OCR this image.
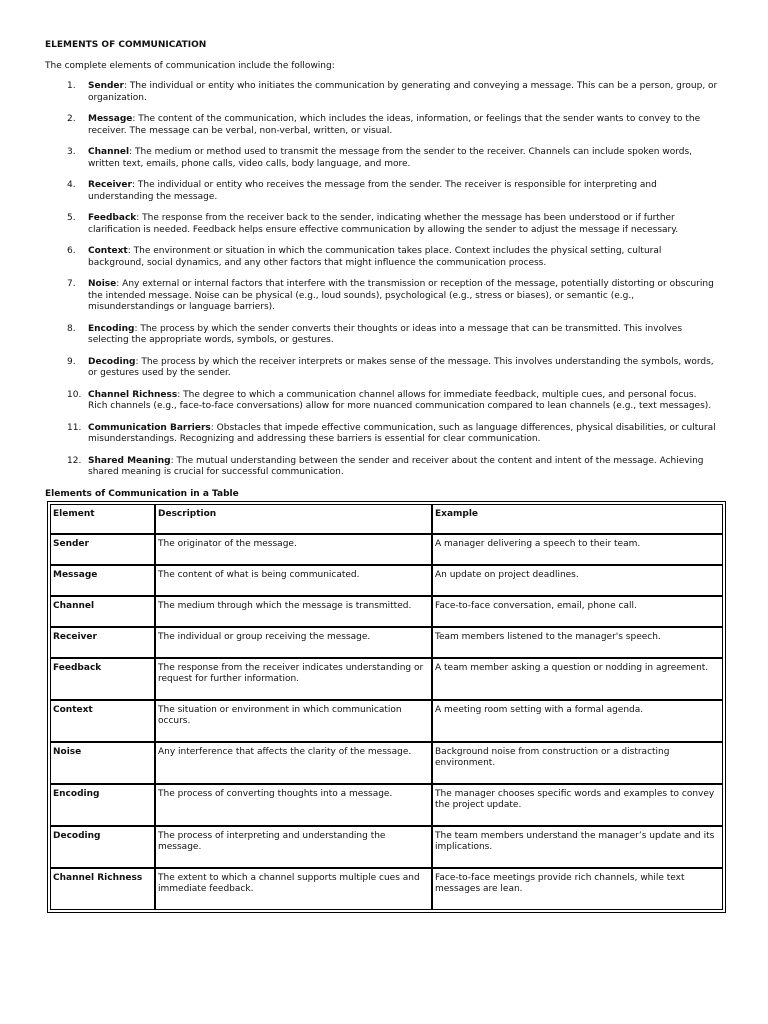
ELEMENTS OF COMMUNICATION
The complete elements of communication include the following:
1. Sender: The individual or entity who initiates the communication by generating and conveying a message. This can be a person, group, or organization.
2. Message: The content of the communication, which includes the ideas, information, or feelings that the sender wants to convey to the receiver. The message can be verbal, non-verbal, written, or visual.
3. Channel: The medium or method used to transmit the message from the sender to the receiver. Channels can include spoken words, written text, emails, phone calls, video calls, body language, and more.
4. Receiver: The individual or entity who receives the message from the sender. The receiver is responsible for interpreting and understanding the message.
5. Feedback: The response from the receiver back to the sender, indicating whether the message has been understood or if further clarification is needed. Feedback helps ensure effective communication by allowing the sender to adjust the message if necessary.
6. Context: The environment or situation in which the communication takes place. Context includes the physical setting, cultural background, social dynamics, and any other factors that might influence the communication process.
7. Noise: Any external or internal factors that interfere with the transmission or reception of the message, potentially distorting or obscuring the intended message. Noise can be physical (e.g., loud sounds), psychological (e.g., stress or biases), or semantic (e.g., misunderstandings or language barriers).
8. Encoding: The process by which the sender converts their thoughts or ideas into a message that can be transmitted. This involves selecting the appropriate words, symbols, or gestures.
9. Decoding: The process by which the receiver interprets or makes sense of the message. This involves understanding the symbols, words, or gestures used by the sender.
10. Channel Richness: The degree to which a communication channel allows for immediate feedback, multiple cues, and personal focus. Rich channels (e.g., face-to-face conversations) allow for more nuanced communication compared to lean channels (e.g., text messages).
11. Communication Barriers: Obstacles that impede effective communication, such as language differences, physical disabilities, or cultural misunderstandings. Recognizing and addressing these barriers is essential for clear communication.
12. Shared Meaning: The mutual understanding between the sender and receiver about the content and intent of the message. Achieving shared meaning is crucial for successful communication.
Elements of Communication in a Table
Element	Description	Example
Sender	The originator of the message.	A manager delivering a speech to their team.
Message	The content of what is being communicated.	An update on project deadlines.
Channel	The medium through which the message is transmitted.	Face-to-face conversation, email, phone call.
Receiver	The individual or group receiving the message.	Team members listened to the manager's speech.
Feedback	The response from the receiver indicates understanding or request for further information.	A team member asking a question or nodding in agreement.
Context	The situation or environment in which communication occurs.	A meeting room setting with a formal agenda.
Noise	Any interference that affects the clarity of the message.	Background noise from construction or a distracting environment.
Encoding	The process of converting thoughts into a message.	The manager chooses specific words and examples to convey the project update.
Decoding	The process of interpreting and understanding the message.	The team members understand the manager’s update and its implications.
Channel Richness	The extent to which a channel supports multiple cues and immediate feedback.	Face-to-face meetings provide rich channels, while text messages are lean.
